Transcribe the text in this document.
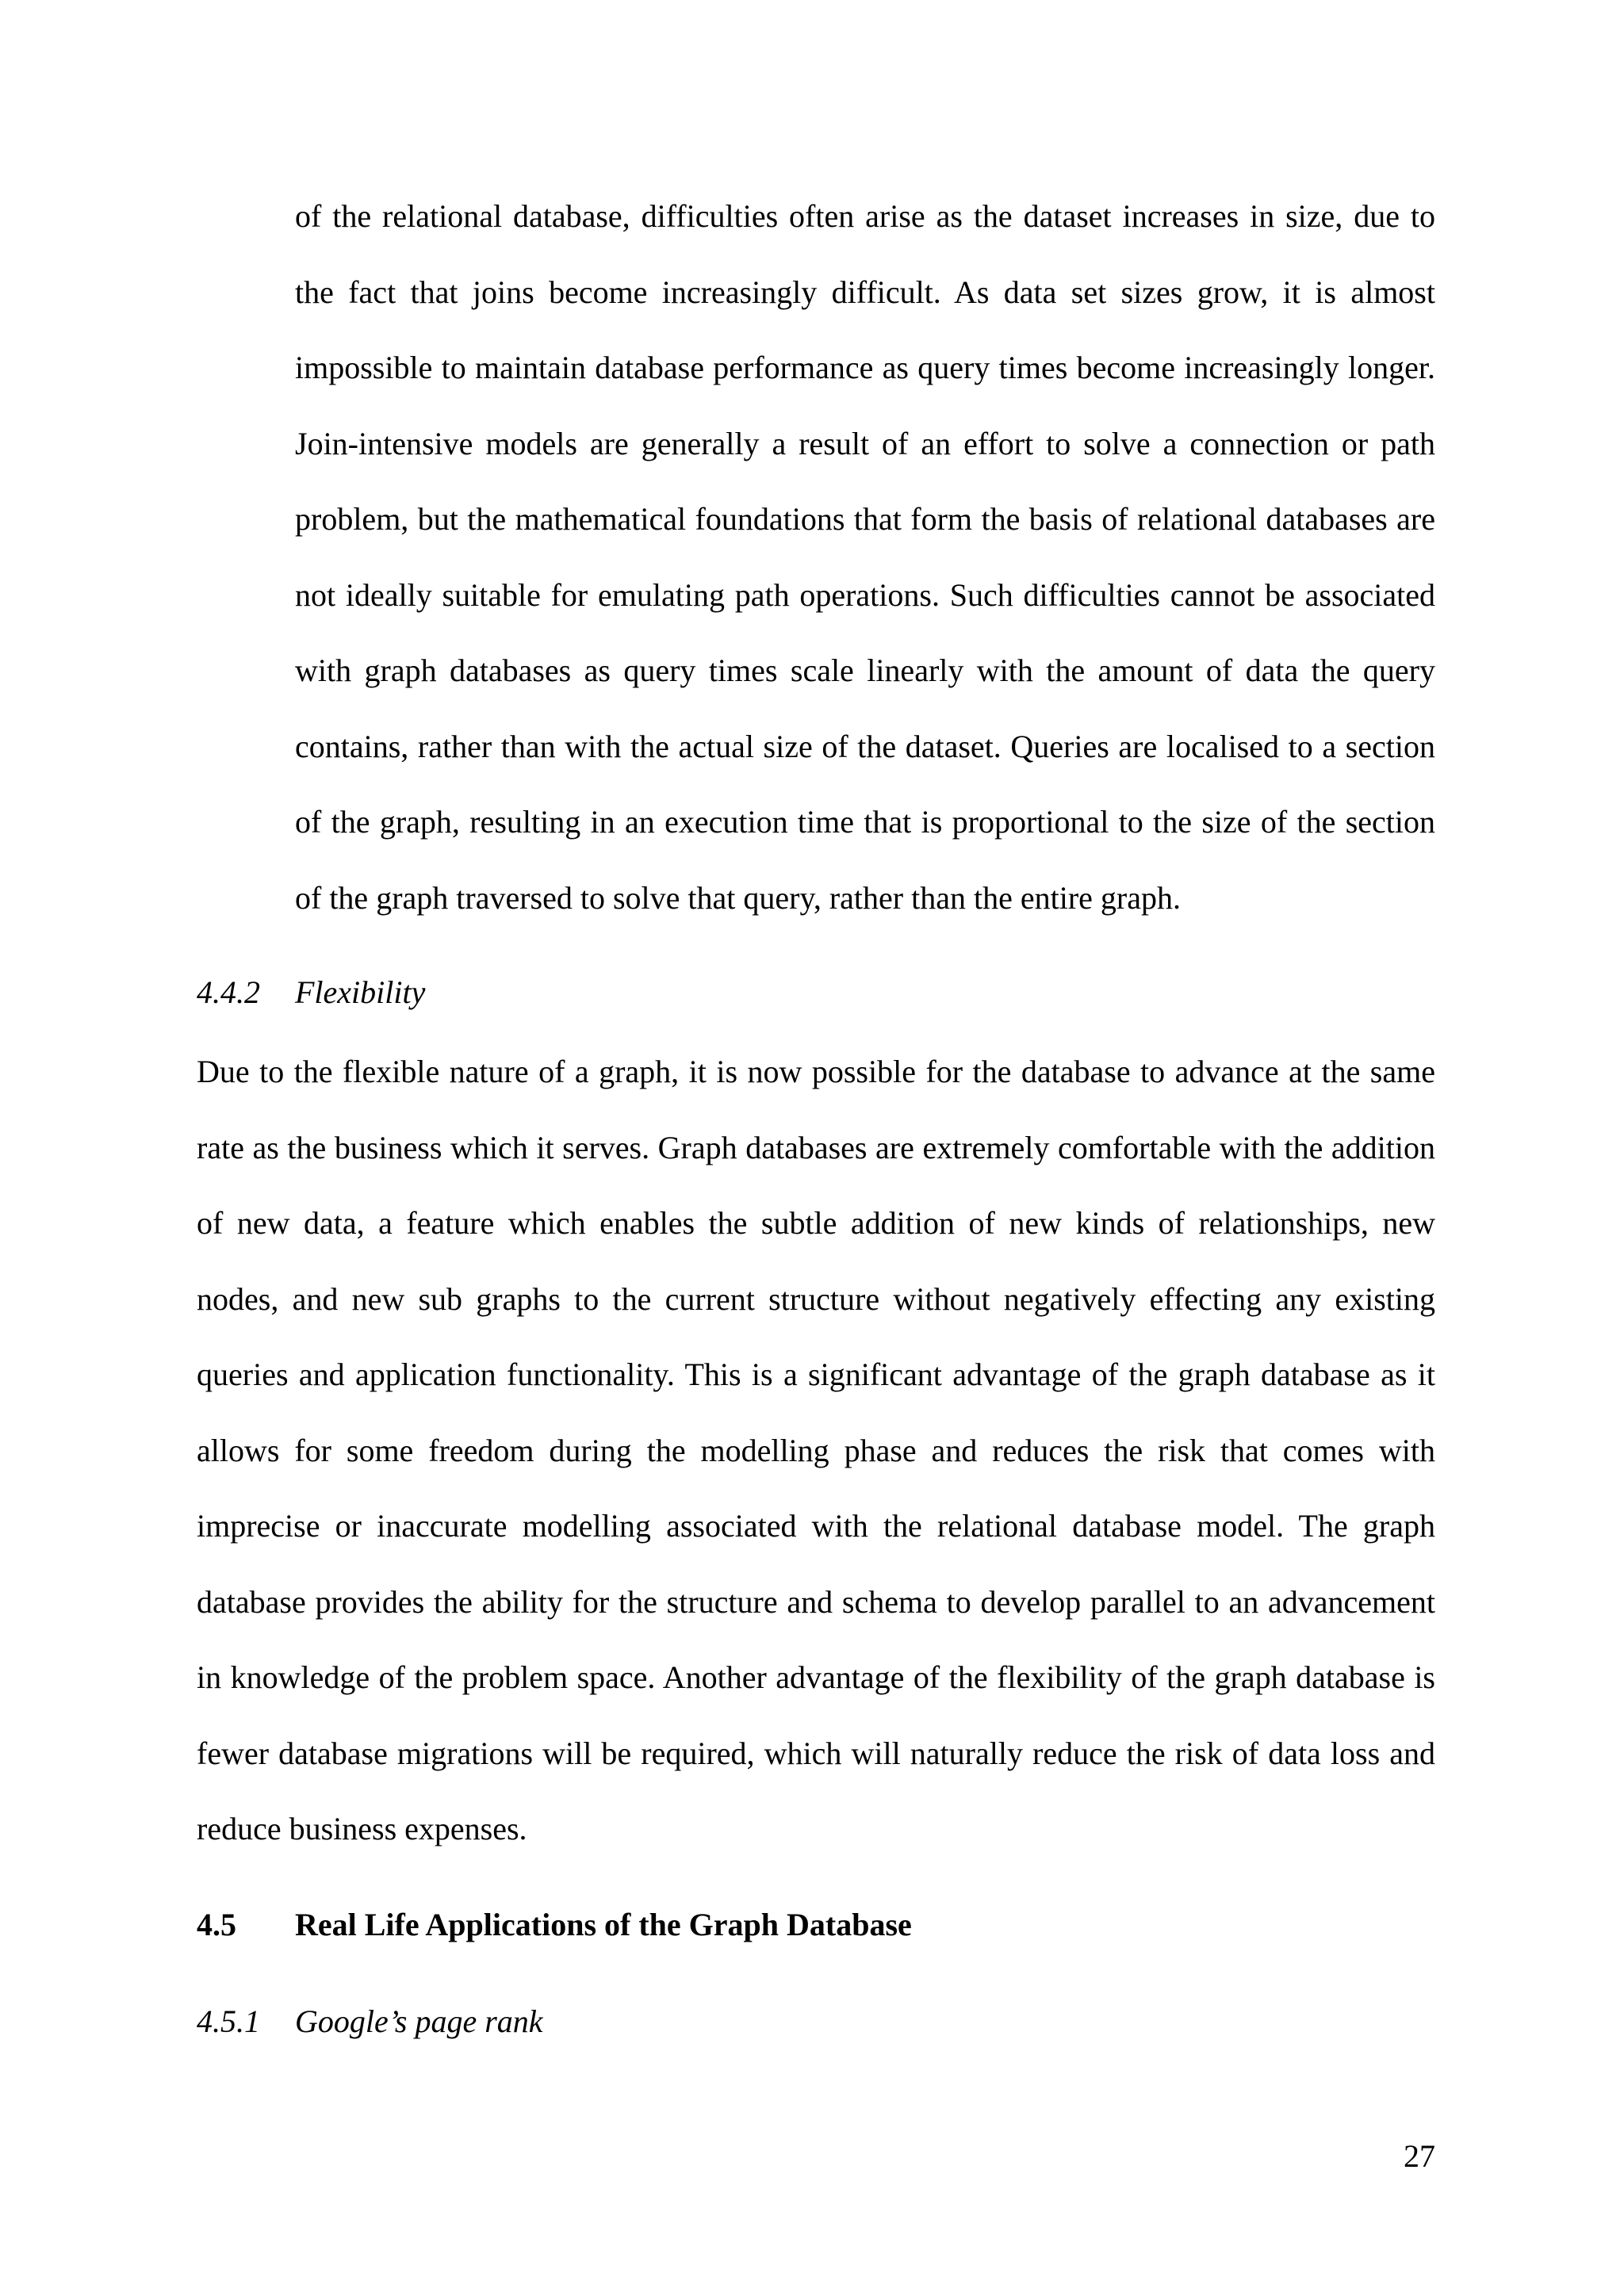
of the relational database, difficulties often arise as the dataset increases in size, due to the fact that joins become increasingly difficult. As data set sizes grow, it is almost impossible to maintain database performance as query times become increasingly longer. Join-intensive models are generally a result of an effort to solve a connection or path problem, but the mathematical foundations that form the basis of relational databases are not ideally suitable for emulating path operations. Such difficulties cannot be associated with graph databases as query times scale linearly with the amount of data the query contains, rather than with the actual size of the dataset. Queries are localised to a section of the graph, resulting in an execution time that is proportional to the size of the section of the graph traversed to solve that query, rather than the entire graph.

4.4.2 Flexibility

Due to the flexible nature of a graph, it is now possible for the database to advance at the same rate as the business which it serves. Graph databases are extremely comfortable with the addition of new data, a feature which enables the subtle addition of new kinds of relationships, new nodes, and new sub graphs to the current structure without negatively effecting any existing queries and application functionality. This is a significant advantage of the graph database as it allows for some freedom during the modelling phase and reduces the risk that comes with imprecise or inaccurate modelling associated with the relational database model. The graph database provides the ability for the structure and schema to develop parallel to an advancement in knowledge of the problem space. Another advantage of the flexibility of the graph database is fewer database migrations will be required, which will naturally reduce the risk of data loss and reduce business expenses.

4.5 Real Life Applications of the Graph Database
4.5.1 Google’s page rank

27
